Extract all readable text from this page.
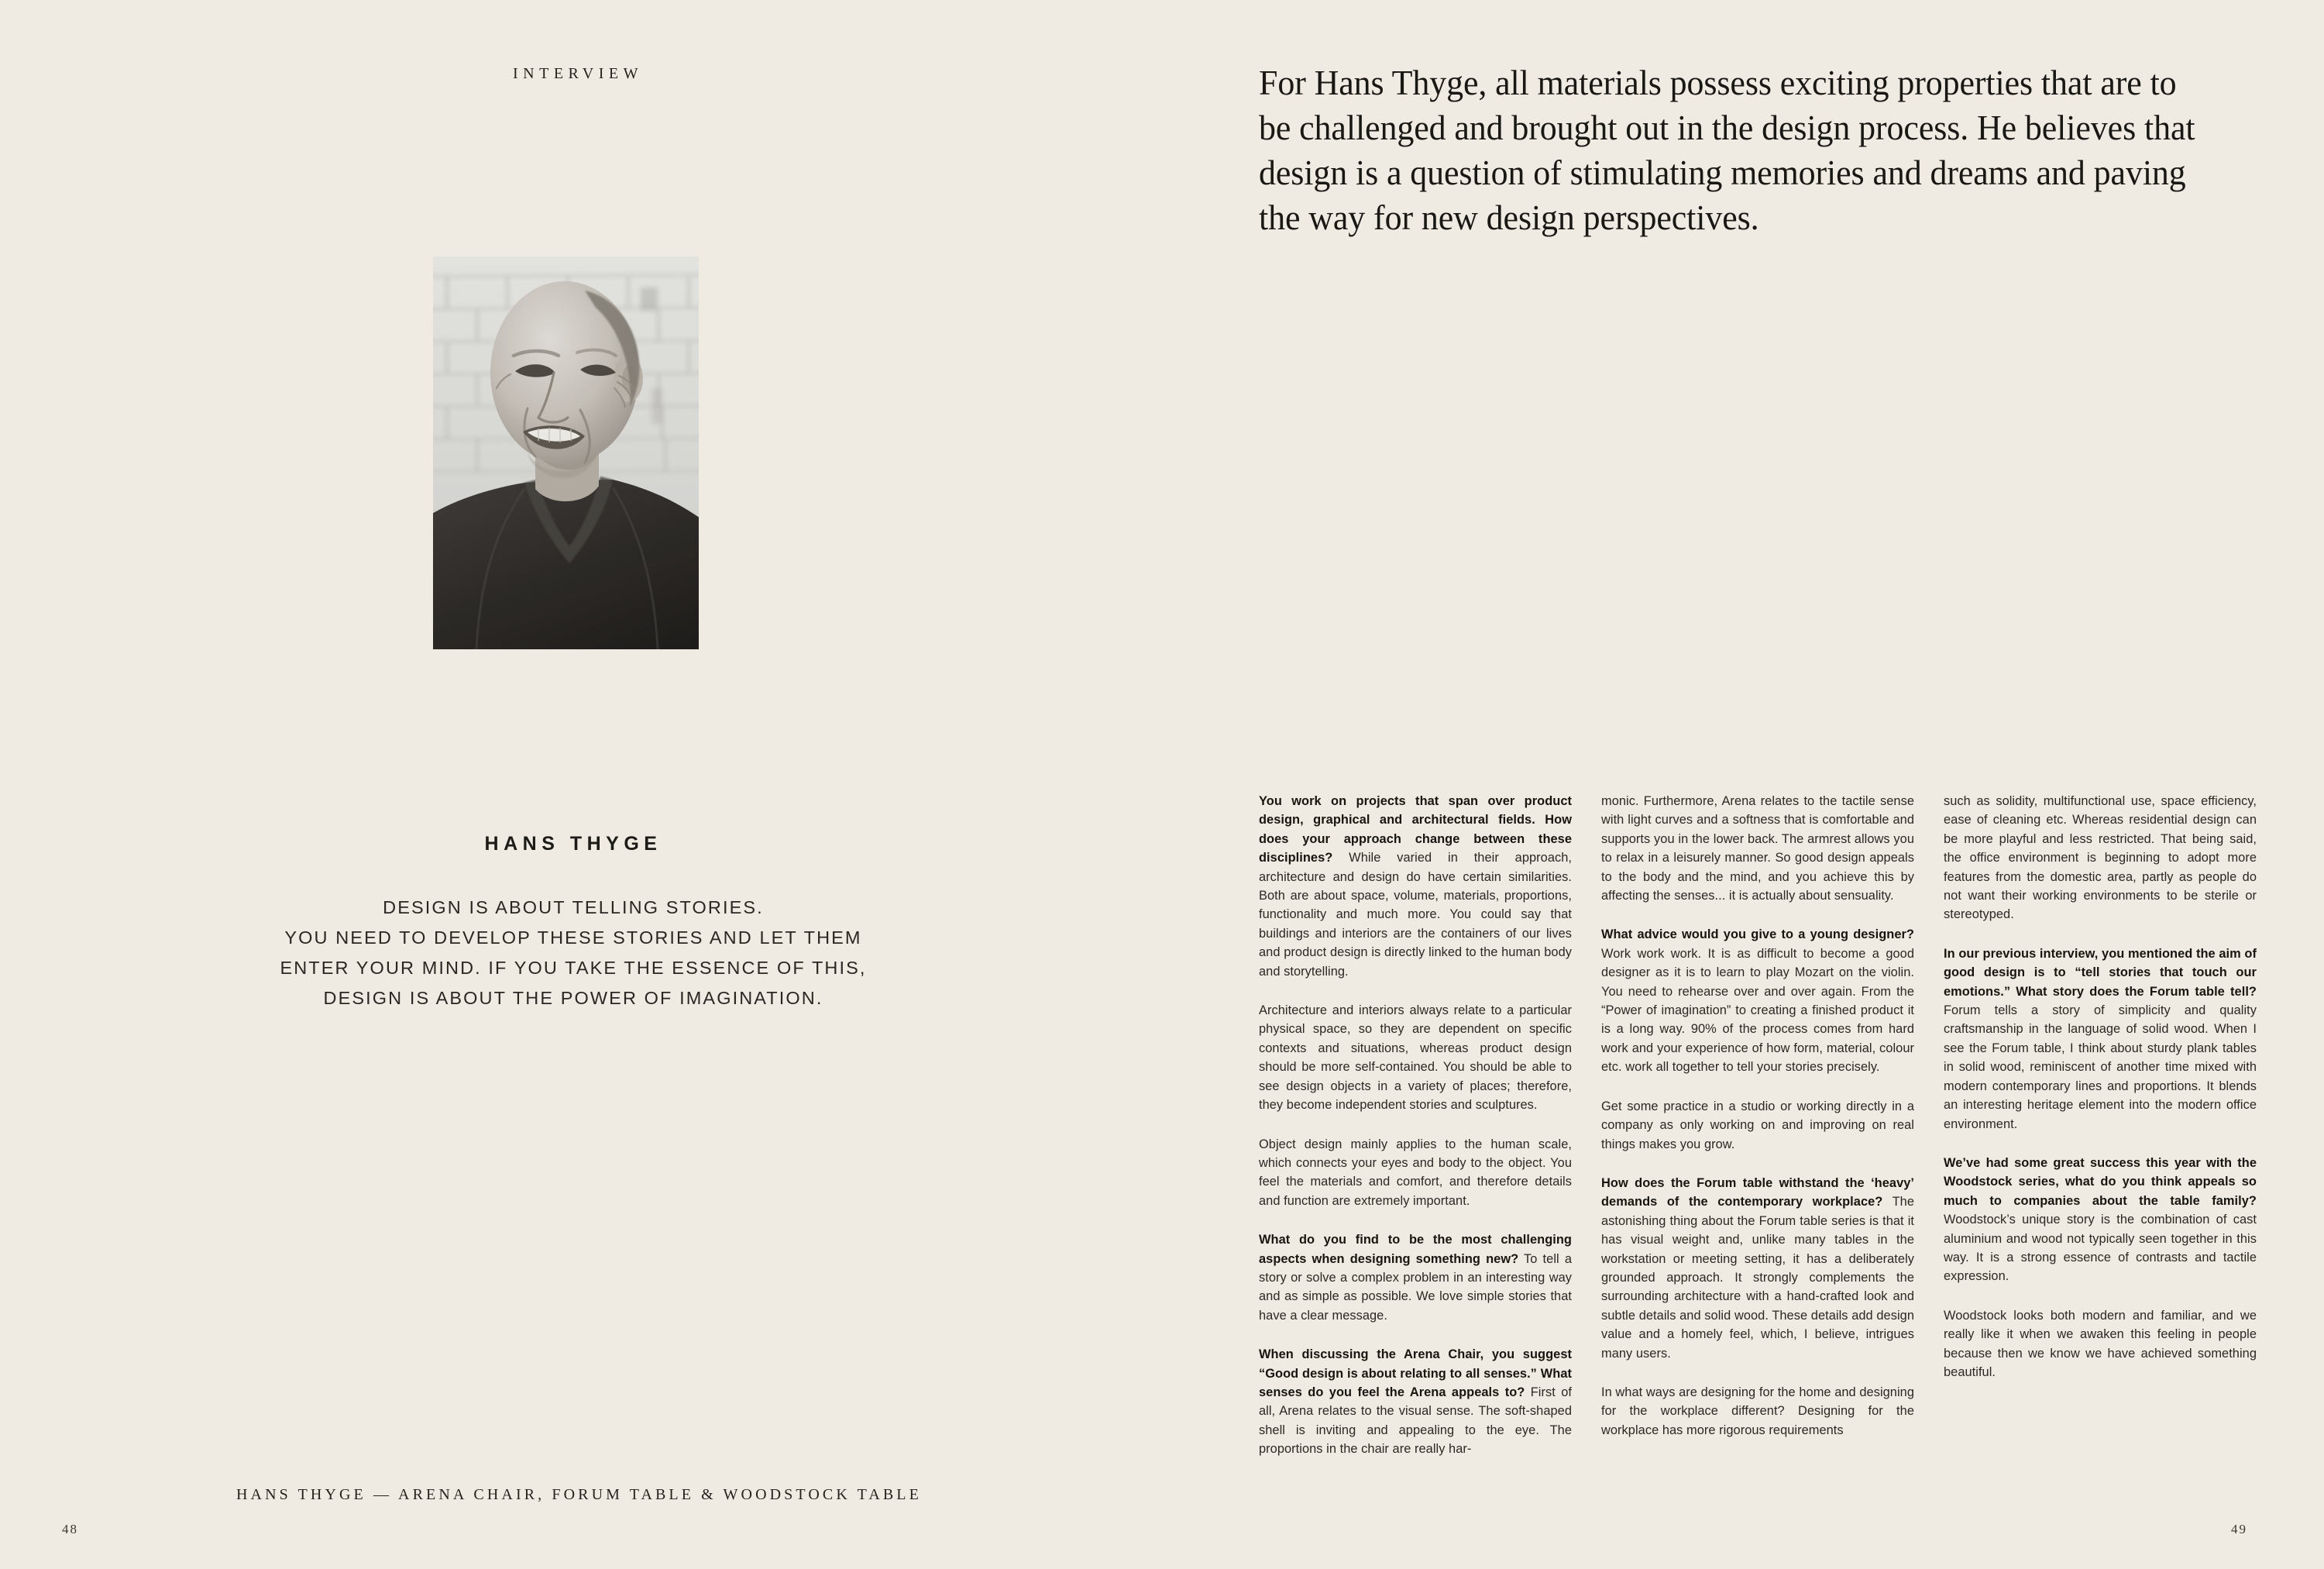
INTERVIEW
HANS THYGE
DESIGN IS ABOUT TELLING STORIES.
YOU NEED TO DEVELOP THESE STORIES AND LET THEM
ENTER YOUR MIND. IF YOU TAKE THE ESSENCE OF THIS,
DESIGN IS ABOUT THE POWER OF IMAGINATION.
HANS THYGE — ARENA CHAIR, FORUM TABLE & WOODSTOCK TABLE
48
For Hans Thyge, all materials possess exciting properties that are to be challenged and brought out in the design process. He believes that design is a question of stimulating memories and dreams and paving the way for new design perspectives.

You work on projects that span over product design, graphical and architectural fields. How does your approach change between these disciplines? While varied in their approach, architecture and design do have certain similarities. Both are about space, volume, materials, proportions, functionality and much more. You could say that buildings and interiors are the containers of our lives and product design is directly linked to the human body and storytelling.

Architecture and interiors always relate to a particular physical space, so they are dependent on specific contexts and situations, whereas product design should be more self-contained. You should be able to see design objects in a variety of places; therefore, they become independent stories and sculptures.

Object design mainly applies to the human scale, which connects your eyes and body to the object. You feel the materials and comfort, and therefore details and function are extremely important.

What do you find to be the most challenging aspects when designing something new? To tell a story or solve a complex problem in an interesting way and as simple as possible. We love simple stories that have a clear message.

When discussing the Arena Chair, you suggest “Good design is about relating to all senses.” What senses do you feel the Arena appeals to? First of all, Arena relates to the visual sense. The soft-shaped shell is inviting and appealing to the eye. The proportions in the chair are really har-

monic. Furthermore, Arena relates to the tactile sense with light curves and a softness that is comfortable and supports you in the lower back. The armrest allows you to relax in a leisurely manner. So good design appeals to the body and the mind, and you achieve this by affecting the senses... it is actually about sensuality.

What advice would you give to a young designer? Work work work. It is as difficult to become a good designer as it is to learn to play Mozart on the violin. You need to rehearse over and over again. From the “Power of imagination” to creating a finished product it is a long way. 90% of the process comes from hard work and your experience of how form, material, colour etc. work all together to tell your stories precisely.

Get some practice in a studio or working directly in a company as only working on and improving on real things makes you grow.

How does the Forum table withstand the ‘heavy’ demands of the contemporary workplace? The astonishing thing about the Forum table series is that it has visual weight and, unlike many tables in the workstation or meeting setting, it has a deliberately grounded approach. It strongly complements the surrounding architecture with a hand-crafted look and subtle details and solid wood. These details add design value and a homely feel, which, I believe, intrigues many users.

In what ways are designing for the home and designing for the workplace different? Designing for the workplace has more rigorous requirements

such as solidity, multifunctional use, space efficiency, ease of cleaning etc. Whereas residential design can be more playful and less restricted. That being said, the office environment is beginning to adopt more features from the domestic area, partly as people do not want their working environments to be sterile or stereotyped.

In our previous interview, you mentioned the aim of good design is to “tell stories that touch our emotions.” What story does the Forum table tell? Forum tells a story of simplicity and quality craftsmanship in the language of solid wood. When I see the Forum table, I think about sturdy plank tables in solid wood, reminiscent of another time mixed with modern contemporary lines and proportions. It blends an interesting heritage element into the modern office environment.

We’ve had some great success this year with the Woodstock series, what do you think appeals so much to companies about the table family? Woodstock’s unique story is the combination of cast aluminium and wood not typically seen together in this way. It is a strong essence of contrasts and tactile expression.

Woodstock looks both modern and familiar, and we really like it when we awaken this feeling in people because then we know we have achieved something beautiful.

49
